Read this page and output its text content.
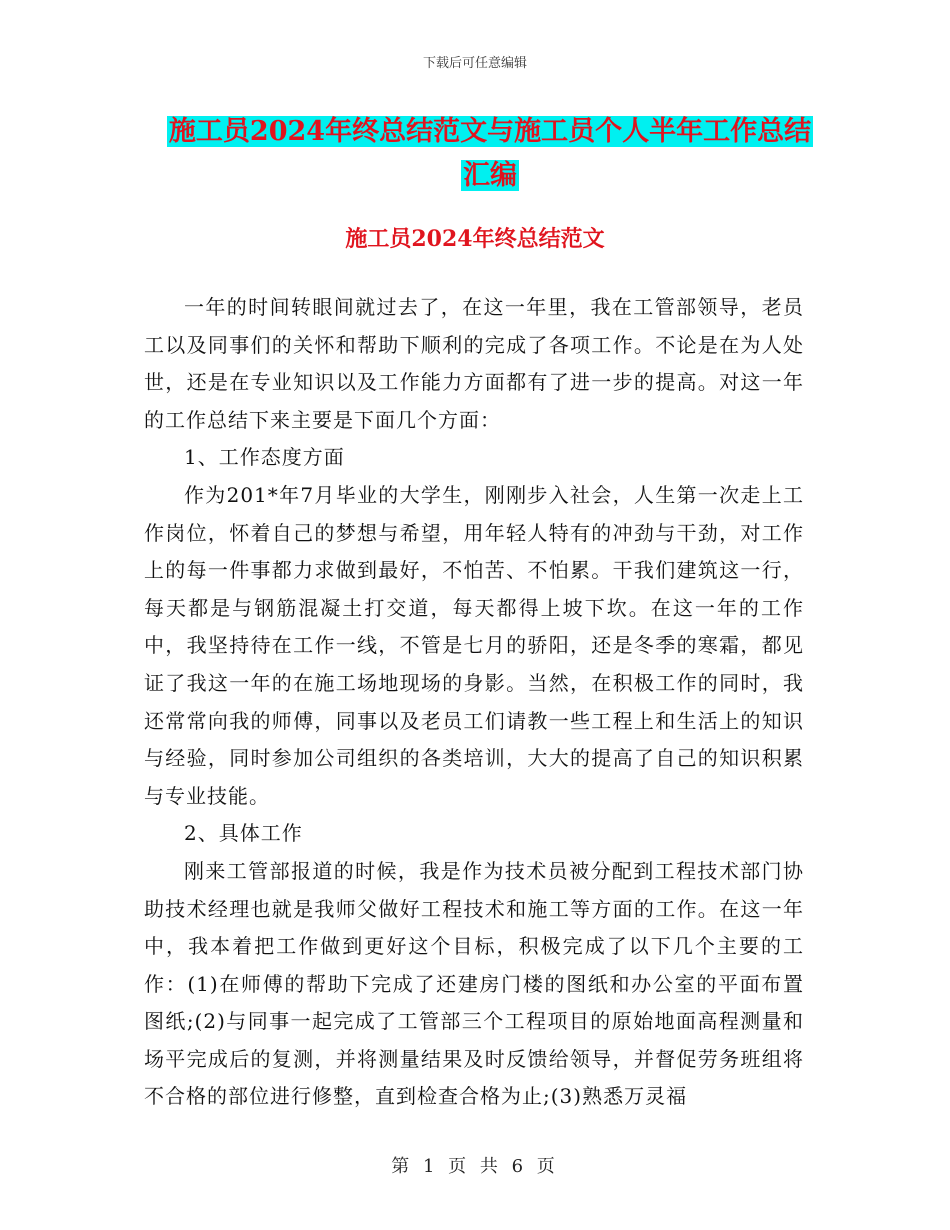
下载后可任意编辑
施工员2024年终总结范文与施工员个人半年工作总结
汇编
施工员2024年终总结范文

一年的时间转眼间就过去了，在这一年里，我在工管部领导，老员工以及同事们的关怀和帮助下顺利的完成了各项工作。不论是在为人处世，还是在专业知识以及工作能力方面都有了进一步的提高。对这一年的工作总结下来主要是下面几个方面：

1、工作态度方面

作为201*年7月毕业的大学生，刚刚步入社会，人生第一次走上工作岗位，怀着自己的梦想与希望，用年轻人特有的冲劲与干劲，对工作上的每一件事都力求做到最好，不怕苦、不怕累。干我们建筑这一行，每天都是与钢筋混凝土打交道，每天都得上坡下坎。在这一年的工作中，我坚持待在工作一线，不管是七月的骄阳，还是冬季的寒霜，都见证了我这一年的在施工场地现场的身影。当然，在积极工作的同时，我还常常向我的师傅，同事以及老员工们请教一些工程上和生活上的知识与经验，同时参加公司组织的各类培训，大大的提高了自己的知识积累与专业技能。

2、具体工作

刚来工管部报道的时候，我是作为技术员被分配到工程技术部门协助技术经理也就是我师父做好工程技术和施工等方面的工作。在这一年中，我本着把工作做到更好这个目标，积极完成了以下几个主要的工作：(1)在师傅的帮助下完成了还建房门楼的图纸和办公室的平面布置图纸;(2)与同事一起完成了工管部三个工程项目的原始地面高程测量和场平完成后的复测，并将测量结果及时反馈给领导，并督促劳务班组将不合格的部位进行修整，直到检查合格为止;(3)熟悉万灵福

第 1 页 共 6 页
